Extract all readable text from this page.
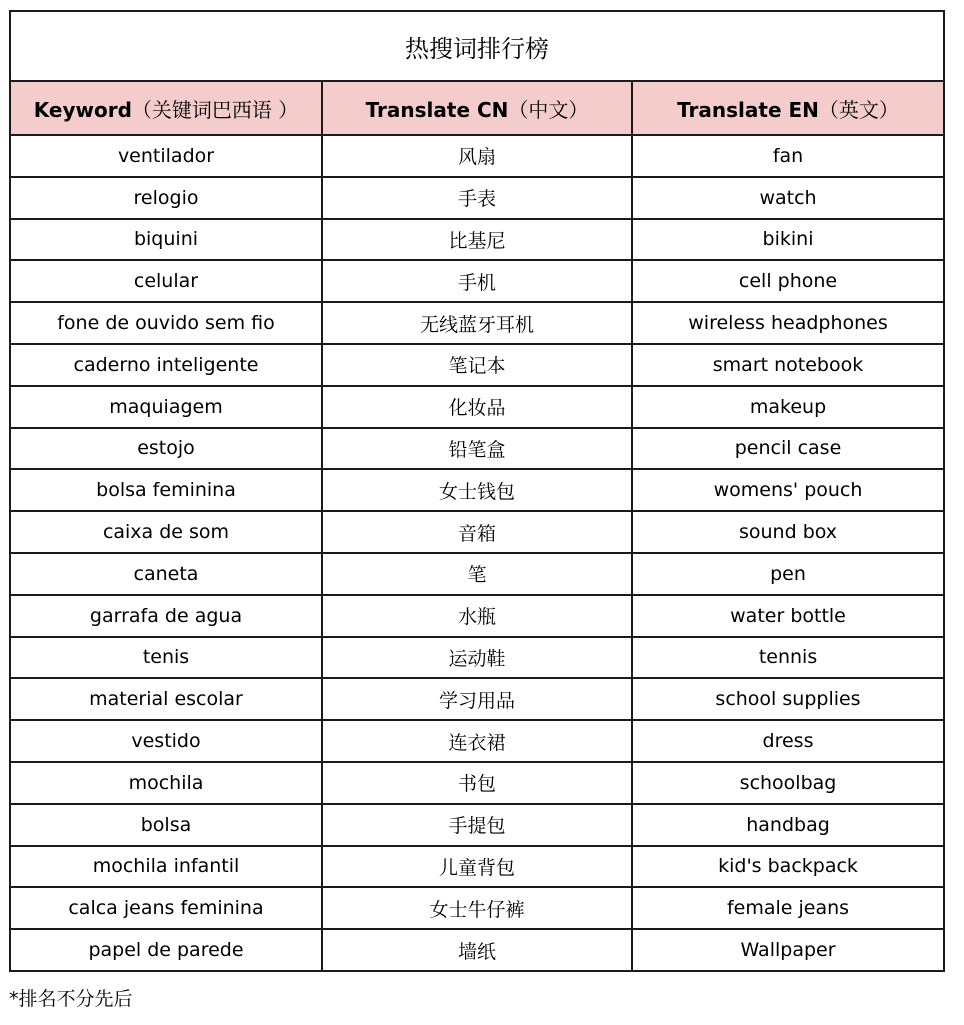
热搜词排行榜		
Keyword（关键词巴西语 ）	Translate CN（中文）	Translate EN（英文）
ventilador	风扇	fan
relogio	手表	watch
biquini	比基尼	bikini
celular	手机	cell phone
fone de ouvido sem fio	无线蓝牙耳机	wireless headphones
caderno inteligente	笔记本	smart notebook
maquiagem	化妆品	makeup
estojo	铅笔盒	pencil case
bolsa feminina	女士钱包	womens' pouch
caixa de som	音箱	sound box
caneta	笔	pen
garrafa de agua	水瓶	water bottle
tenis	运动鞋	tennis
material escolar	学习用品	school supplies
vestido	连衣裙	dress
mochila	书包	schoolbag
bolsa	手提包	handbag
mochila infantil	儿童背包	kid's backpack
calca jeans feminina	女士牛仔裤	female jeans
papel de parede	墙纸	Wallpaper
*排名不分先后
